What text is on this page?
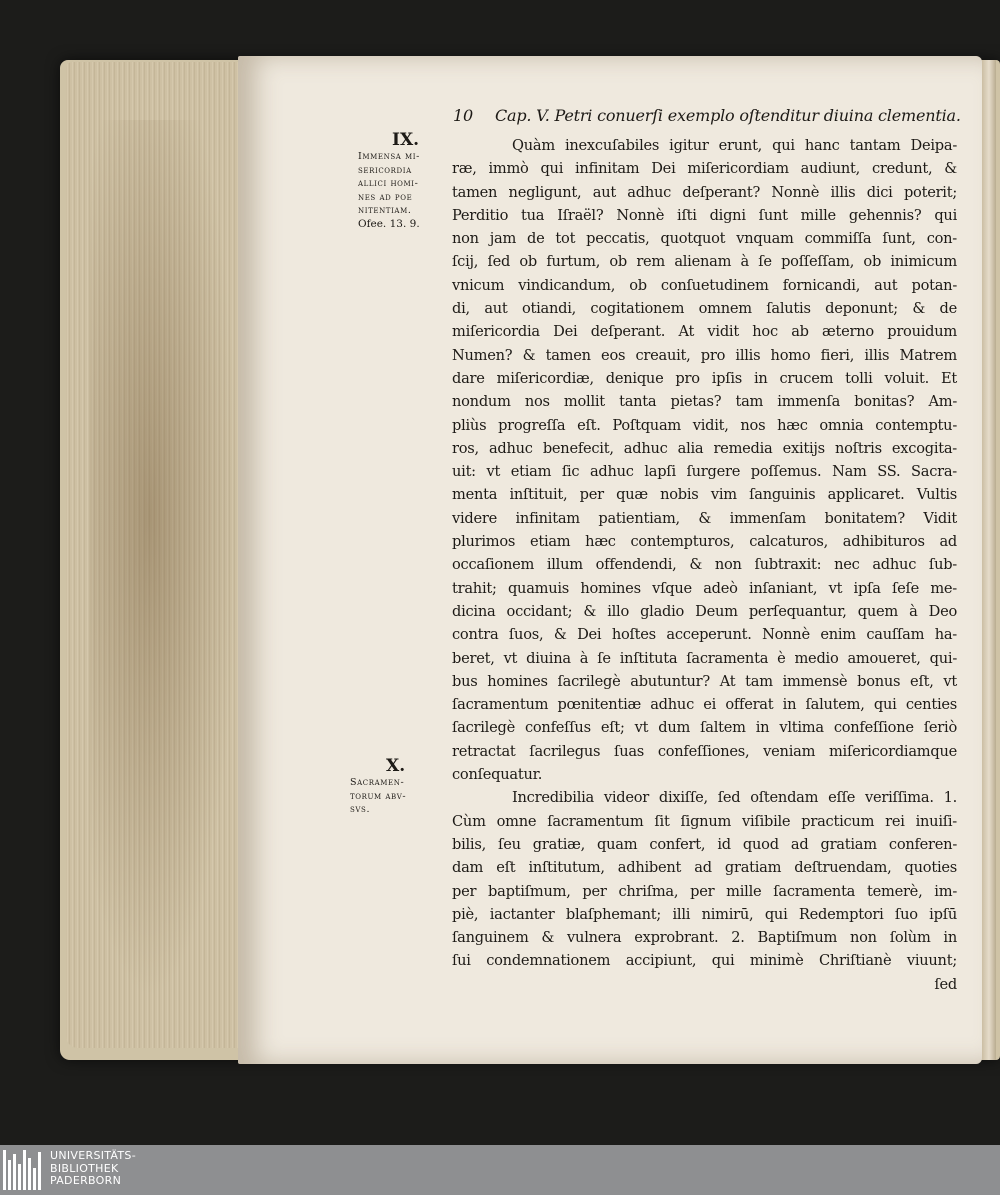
10 Cap. V. Petri conuerſi exemplo oſtenditur diuina clementia.
IX.
Immensa mi-
sericordia
allici homi-
nes ad poe
nitentiam.
Ofee. 13. 9.
X.
Sacramen-
torum abv-
svs.
Quàm inexcuſabiles igitur erunt, qui hanc tantam Deipa-
ræ, immò qui infinitam Dei miſericordiam audiunt, credunt, &
tamen negligunt, aut adhuc deſperant? Nonnè illis dici poterit;
Perditio tua Iſraël? Nonnè iſti digni ſunt mille gehennis? qui
non jam de tot peccatis, quotquot vnquam commiſſa ſunt, con-
ſcij, ſed ob furtum, ob rem alienam à ſe poſſeſſam, ob inimicum
vnicum vindicandum, ob conſuetudinem fornicandi, aut potan-
di, aut otiandi, cogitationem omnem ſalutis deponunt; & de
miſericordia Dei deſperant. At vidit hoc ab æterno prouidum
Numen? & tamen eos creauit, pro illis homo fieri, illis Matrem
dare miſericordiæ, denique pro ipſis in crucem tolli voluit. Et
nondum nos mollit tanta pietas? tam immenſa bonitas? Am-
pliùs progreſſa eſt. Poſtquam vidit, nos hæc omnia contemptu-
ros, adhuc benefecit, adhuc alia remedia exitijs noſtris excogita-
uit: vt etiam ſic adhuc lapſi ſurgere poſſemus. Nam SS. Sacra-
menta inſtituit, per quæ nobis vim ſanguinis applicaret. Vultis
videre infinitam patientiam, & immenſam bonitatem? Vidit
plurimos etiam hæc contempturos, calcaturos, adhibituros ad
occaſionem illum offendendi, & non ſubtraxit: nec adhuc ſub-
trahit; quamuis homines vſque adeò inſaniant, vt ipſa ſeſe me-
dicina occidant; & illo gladio Deum perſequantur, quem à Deo
contra ſuos, & Dei hoſtes acceperunt. Nonnè enim cauſſam ha-
beret, vt diuina à ſe inſtituta ſacramenta è medio amoueret, qui-
bus homines ſacrilegè abutuntur? At tam immensè bonus eſt, vt
ſacramentum pœnitentiæ adhuc ei offerat in ſalutem, qui centies
ſacrilegè confeſſus eſt; vt dum ſaltem in vltima confeſſione ſeriò
retractat ſacrilegus ſuas confeſſiones, veniam miſericordiamque
conſequatur.
Incredibilia videor dixiſſe, ſed oſtendam eſſe veriſſima. 1.
Cùm omne ſacramentum ſit ſignum viſibile practicum rei inuiſi-
bilis, ſeu gratiæ, quam confert, id quod ad gratiam conferen-
dam eſt inſtitutum, adhibent ad gratiam deſtruendam, quoties
per baptiſmum, per chriſma, per mille ſacramenta temerè, im-
piè, iactanter blaſphemant; illi nimirū, qui Redemptori ſuo ipſū
ſanguinem & vulnera exprobrant. 2. Baptiſmum non ſolùm in
ſui condemnationem accipiunt, qui minimè Chriſtianè viuunt;
ſed
UNIVERSITÄTS-
BIBLIOTHEK
PADERBORN
